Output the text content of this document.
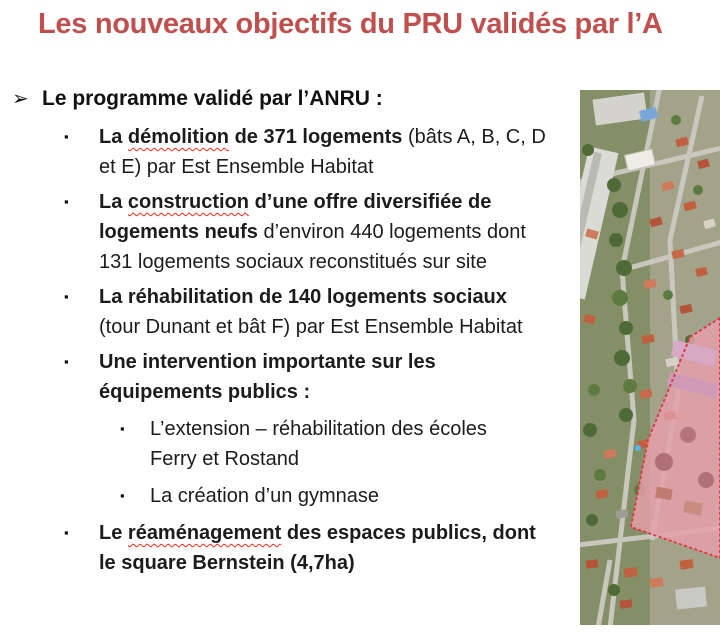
Les nouveaux objectifs du PRU validés par l’A
➢ Le programme validé par l’ANRU :
▪	La démolition de 371 logements (bâts A, B, C, D et E) par Est Ensemble Habitat
▪	La construction d’une offre diversifiée de logements neufs d’environ 440 logements dont 131 logements sociaux reconstitués sur site
▪	La réhabilitation de 140 logements sociaux (tour Dunant et bât F) par Est Ensemble Habitat
▪	Une intervention importante sur les équipements publics :
▪	L’extension – réhabilitation des écoles Ferry et Rostand
▪	La création d’un gymnase
▪	Le réaménagement des espaces publics, dont le square Bernstein (4,7ha)
